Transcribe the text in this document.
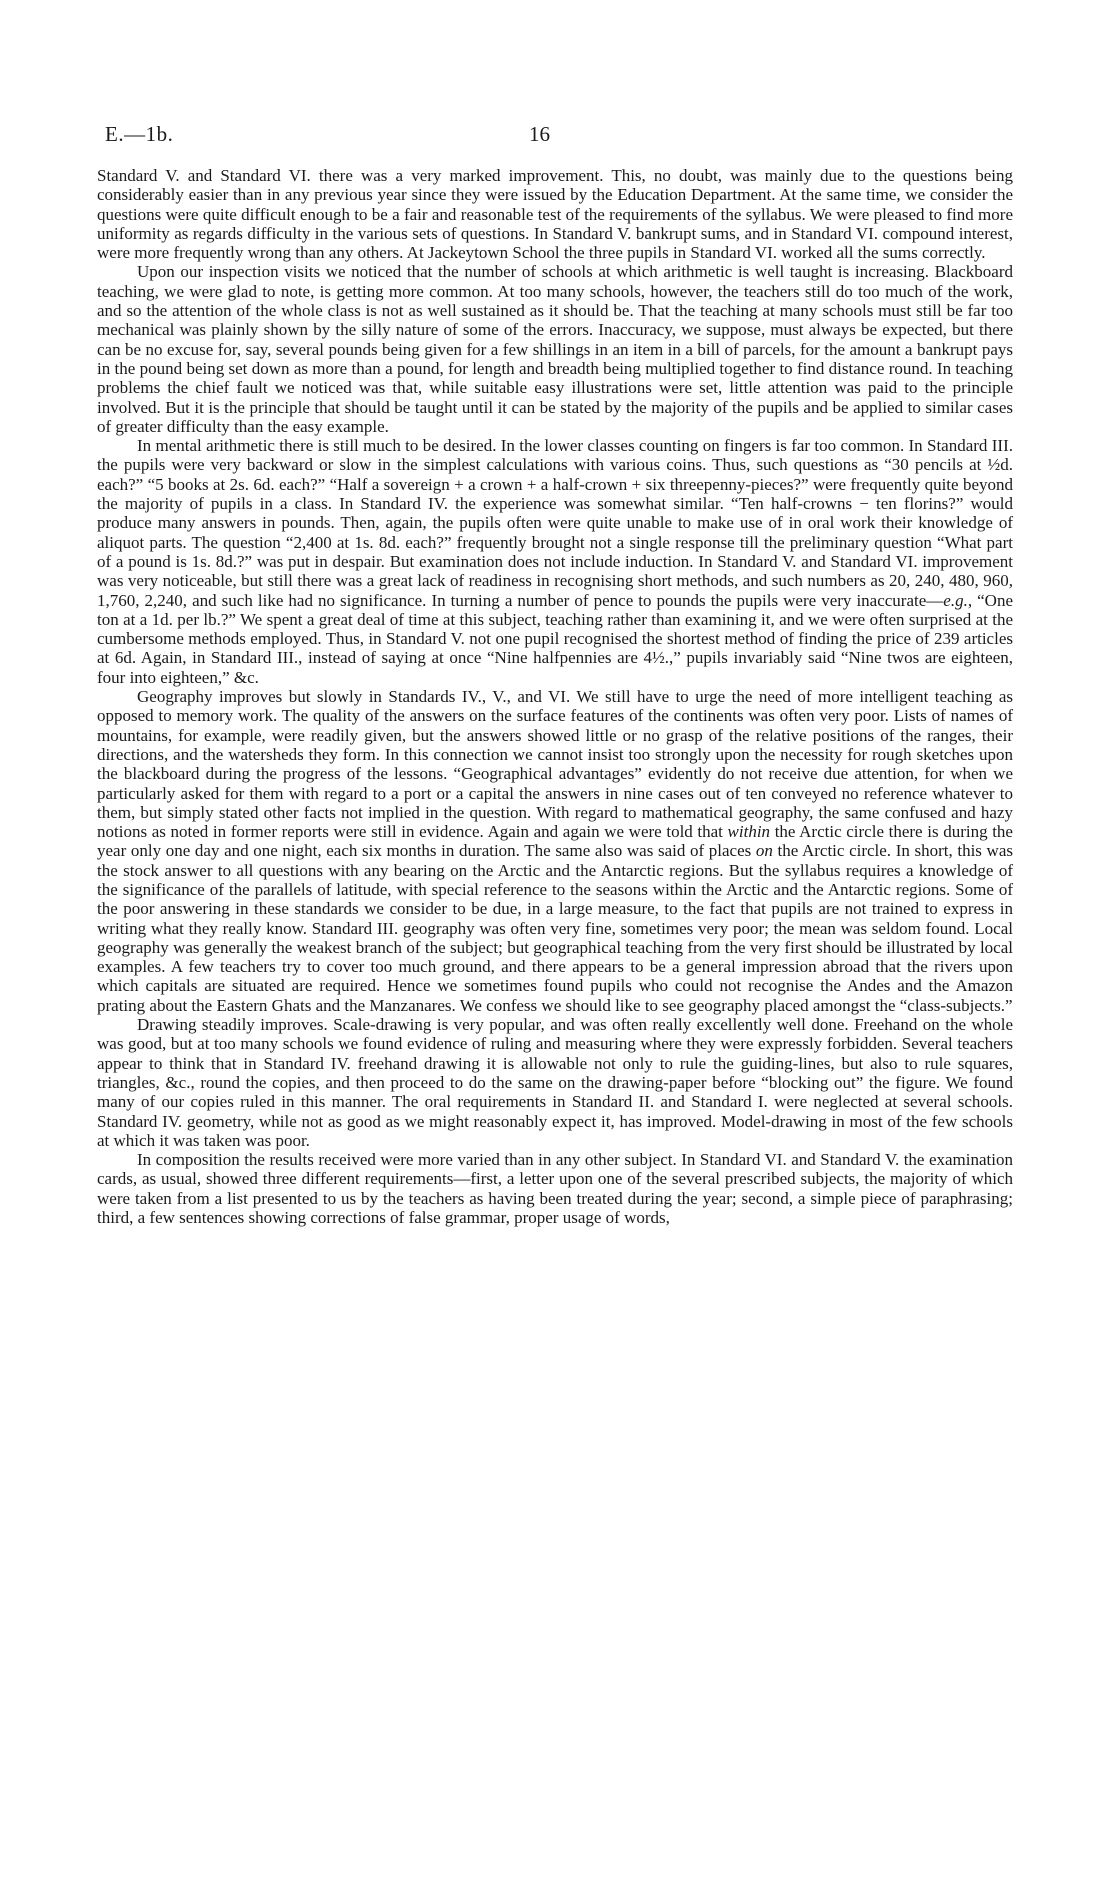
E.—1b.	16

Standard V. and Standard VI. there was a very marked improvement. This, no doubt, was mainly due to the questions being considerably easier than in any previous year since they were issued by the Education Department. At the same time, we consider the questions were quite difficult enough to be a fair and reasonable test of the requirements of the syllabus. We were pleased to find more uniformity as regards difficulty in the various sets of questions. In Standard V. bankrupt sums, and in Standard VI. compound interest, were more frequently wrong than any others. At Jackeytown School the three pupils in Standard VI. worked all the sums correctly.

Upon our inspection visits we noticed that the number of schools at which arithmetic is well taught is increasing. Blackboard teaching, we were glad to note, is getting more common. At too many schools, however, the teachers still do too much of the work, and so the attention of the whole class is not as well sustained as it should be. That the teaching at many schools must still be far too mechanical was plainly shown by the silly nature of some of the errors. Inaccuracy, we suppose, must always be expected, but there can be no excuse for, say, several pounds being given for a few shillings in an item in a bill of parcels, for the amount a bankrupt pays in the pound being set down as more than a pound, for length and breadth being multiplied together to find distance round. In teaching problems the chief fault we noticed was that, while suitable easy illustrations were set, little attention was paid to the principle involved. But it is the principle that should be taught until it can be stated by the majority of the pupils and be applied to similar cases of greater difficulty than the easy example.

In mental arithmetic there is still much to be desired. In the lower classes counting on fingers is far too common. In Standard III. the pupils were very backward or slow in the simplest calculations with various coins. Thus, such questions as “30 pencils at ½d. each?” “5 books at 2s. 6d. each?” “Half a sovereign + a crown + a half-crown + six threepenny-pieces?” were frequently quite beyond the majority of pupils in a class. In Standard IV. the experience was somewhat similar. “Ten half-crowns − ten florins?” would produce many answers in pounds. Then, again, the pupils often were quite unable to make use of in oral work their knowledge of aliquot parts. The question “2,400 at 1s. 8d. each?” frequently brought not a single response till the preliminary question “What part of a pound is 1s. 8d.?” was put in despair. But examination does not include induction. In Standard V. and Standard VI. improvement was very noticeable, but still there was a great lack of readiness in recognising short methods, and such numbers as 20, 240, 480, 960, 1,760, 2,240, and such like had no significance. In turning a number of pence to pounds the pupils were very inaccurate—e.g., “One ton at a 1d. per lb.?” We spent a great deal of time at this subject, teaching rather than examining it, and we were often surprised at the cumbersome methods employed. Thus, in Standard V. not one pupil recognised the shortest method of finding the price of 239 articles at 6d. Again, in Standard III., instead of saying at once “Nine halfpennies are 4½.,” pupils invariably said “Nine twos are eighteen, four into eighteen,” &c.

Geography improves but slowly in Standards IV., V., and VI. We still have to urge the need of more intelligent teaching as opposed to memory work. The quality of the answers on the surface features of the continents was often very poor. Lists of names of mountains, for example, were readily given, but the answers showed little or no grasp of the relative positions of the ranges, their directions, and the watersheds they form. In this connection we cannot insist too strongly upon the necessity for rough sketches upon the blackboard during the progress of the lessons. “Geographical advantages” evidently do not receive due attention, for when we particularly asked for them with regard to a port or a capital the answers in nine cases out of ten conveyed no reference whatever to them, but simply stated other facts not implied in the question. With regard to mathematical geography, the same confused and hazy notions as noted in former reports were still in evidence. Again and again we were told that within the Arctic circle there is during the year only one day and one night, each six months in duration. The same also was said of places on the Arctic circle. In short, this was the stock answer to all questions with any bearing on the Arctic and the Antarctic regions. But the syllabus requires a knowledge of the significance of the parallels of latitude, with special reference to the seasons within the Arctic and the Antarctic regions. Some of the poor answering in these standards we consider to be due, in a large measure, to the fact that pupils are not trained to express in writing what they really know. Standard III. geography was often very fine, sometimes very poor; the mean was seldom found. Local geography was generally the weakest branch of the subject; but geographical teaching from the very first should be illustrated by local examples. A few teachers try to cover too much ground, and there appears to be a general impression abroad that the rivers upon which capitals are situated are required. Hence we sometimes found pupils who could not recognise the Andes and the Amazon prating about the Eastern Ghats and the Manzanares. We confess we should like to see geography placed amongst the “class-subjects.”

Drawing steadily improves. Scale-drawing is very popular, and was often really excellently well done. Freehand on the whole was good, but at too many schools we found evidence of ruling and measuring where they were expressly forbidden. Several teachers appear to think that in Standard IV. freehand drawing it is allowable not only to rule the guiding-lines, but also to rule squares, triangles, &c., round the copies, and then proceed to do the same on the drawing-paper before “blocking out” the figure. We found many of our copies ruled in this manner. The oral requirements in Standard II. and Standard I. were neglected at several schools. Standard IV. geometry, while not as good as we might reasonably expect it, has improved. Model-drawing in most of the few schools at which it was taken was poor.

In composition the results received were more varied than in any other subject. In Standard VI. and Standard V. the examination cards, as usual, showed three different requirements—first, a letter upon one of the several prescribed subjects, the majority of which were taken from a list presented to us by the teachers as having been treated during the year; second, a simple piece of paraphrasing; third, a few sentences showing corrections of false grammar, proper usage of words,
